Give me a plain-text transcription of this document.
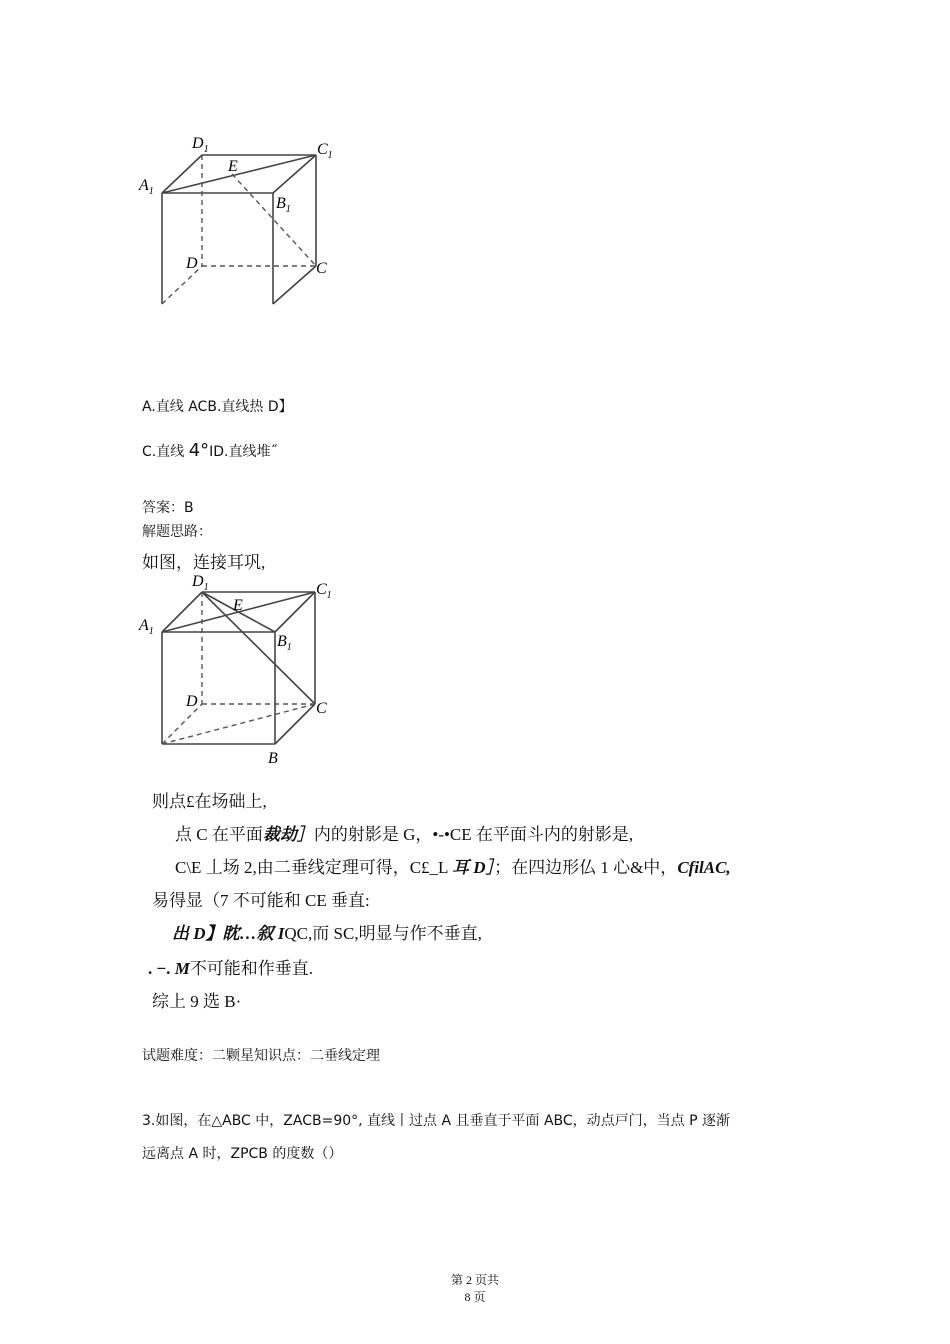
$D_1$	$C_1$
$A_1$
$B_1$
E
D	C
A.直线 ACB.直线热 D】
C.直线 4°ID.直线堆˝
答案：B
解题思路：
如图，连接耳巩,
$D_1$	$C_1$
$A_1$
$B_1$
E
D	C
B
则点£在场础上,
点 C 在平面裁劫］内的射影是 G，•-•CE 在平面斗内的射影是,
C\E 丄场 2,由二垂线定理可得，C£_L 耳 D］；在四边形仏 1 心&中，CfilAC,
易得显（7 不可能和 CE 垂直:
出 D】眈…叙 IQC,而 SC,明显与作不垂直,
. −. M不可能和作垂直.
综上 9 选 B·
试题难度：二颗星知识点：二垂线定理
3.如图，在△ABC 中，ZACB=90°, 直线丨过点 A 且垂直于平面 ABC，动点戸门，当点 P 逐渐
远离点 A 时，ZPCB 的度数（）
第 2 页共
8 页
